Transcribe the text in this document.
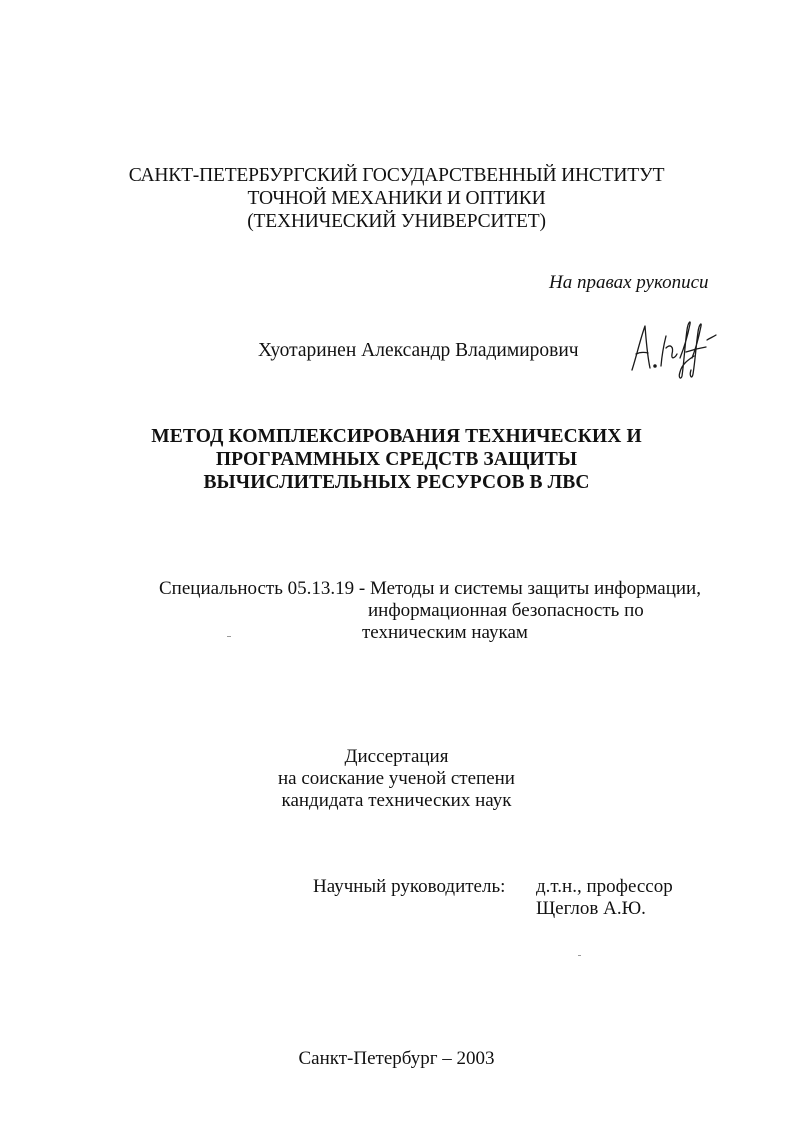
САНКТ-ПЕТЕРБУРГСКИЙ ГОСУДАРСТВЕННЫЙ ИНСТИТУТ
ТОЧНОЙ МЕХАНИКИ И ОПТИКИ
(ТЕХНИЧЕСКИЙ УНИВЕРСИТЕТ)
На правах рукописи
Хуотаринен Александр Владимирович
МЕТОД КОМПЛЕКСИРОВАНИЯ ТЕХНИЧЕСКИХ И
ПРОГРАММНЫХ СРЕДСТВ ЗАЩИТЫ
ВЫЧИСЛИТЕЛЬНЫХ РЕСУРСОВ В ЛВС
Специальность 05.13.19 - Методы и системы защиты информации,
информационная безопасность по
техническим наукам
Диссертация
на соискание ученой степени
кандидата технических наук
Научный руководитель: д.т.н., профессор
Щеглов А.Ю.
Санкт-Петербург – 2003
